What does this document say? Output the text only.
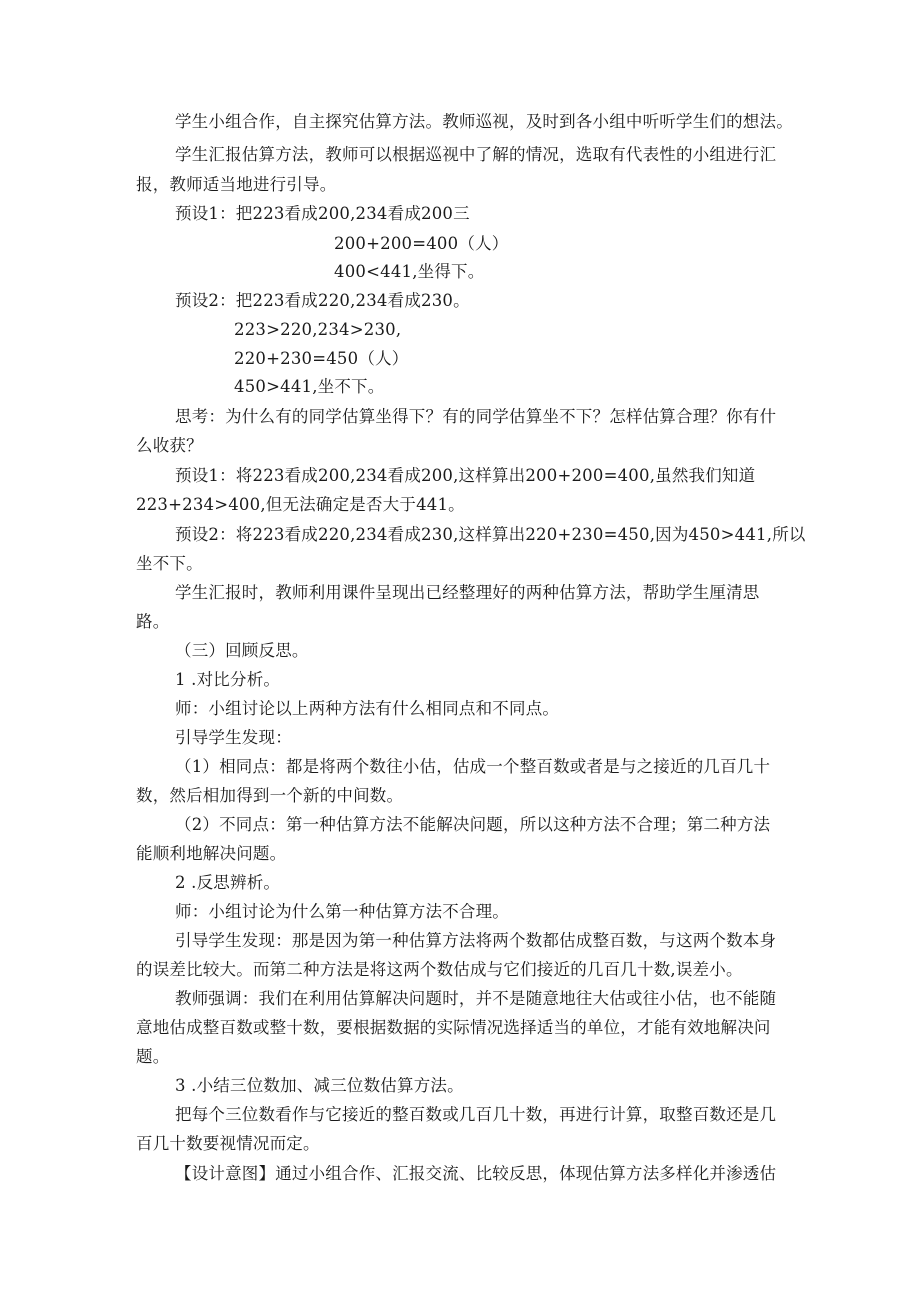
学生小组合作，自主探究估算方法。教师巡视，及时到各小组中听听学生们的想法。
学生汇报估算方法，教师可以根据巡视中了解的情况，选取有代表性的小组进行汇
报，教师适当地进行引导。
预设1：把223看成200,234看成200三
200+200=400（人）
400<441,坐得下。
预设2：把223看成220,234看成230。
223>220,234>230,
220+230=450（人）
450>441,坐不下。
思考：为什么有的同学估算坐得下？有的同学估算坐不下？怎样估算合理？你有什
么收获？
预设1：将223看成200,234看成200,这样算出200+200=400,虽然我们知道
223+234>400,但无法确定是否大于441。
预设2：将223看成220,234看成230,这样算出220+230=450,因为450>441,所以
坐不下。
学生汇报时，教师利用课件呈现出已经整理好的两种估算方法，帮助学生厘清思
路。
（三）回顾反思。
1 .对比分析。
师：小组讨论以上两种方法有什么相同点和不同点。
引导学生发现：
（1）相同点：都是将两个数往小估，估成一个整百数或者是与之接近的几百几十
数，然后相加得到一个新的中间数。
（2）不同点：第一种估算方法不能解决问题，所以这种方法不合理；第二种方法
能顺利地解决问题。
2 .反思辨析。
师：小组讨论为什么第一种估算方法不合理。
引导学生发现：那是因为第一种估算方法将两个数都估成整百数，与这两个数本身
的误差比较大。而第二种方法是将这两个数估成与它们接近的几百几十数,误差小。
教师强调：我们在利用估算解决问题时，并不是随意地往大估或往小估，也不能随
意地估成整百数或整十数，要根据数据的实际情况选择适当的单位，才能有效地解决问
题。
3 .小结三位数加、减三位数估算方法。
把每个三位数看作与它接近的整百数或几百几十数，再进行计算，取整百数还是几
百几十数要视情况而定。
【设计意图】通过小组合作、汇报交流、比较反思，体现估算方法多样化并渗透估
